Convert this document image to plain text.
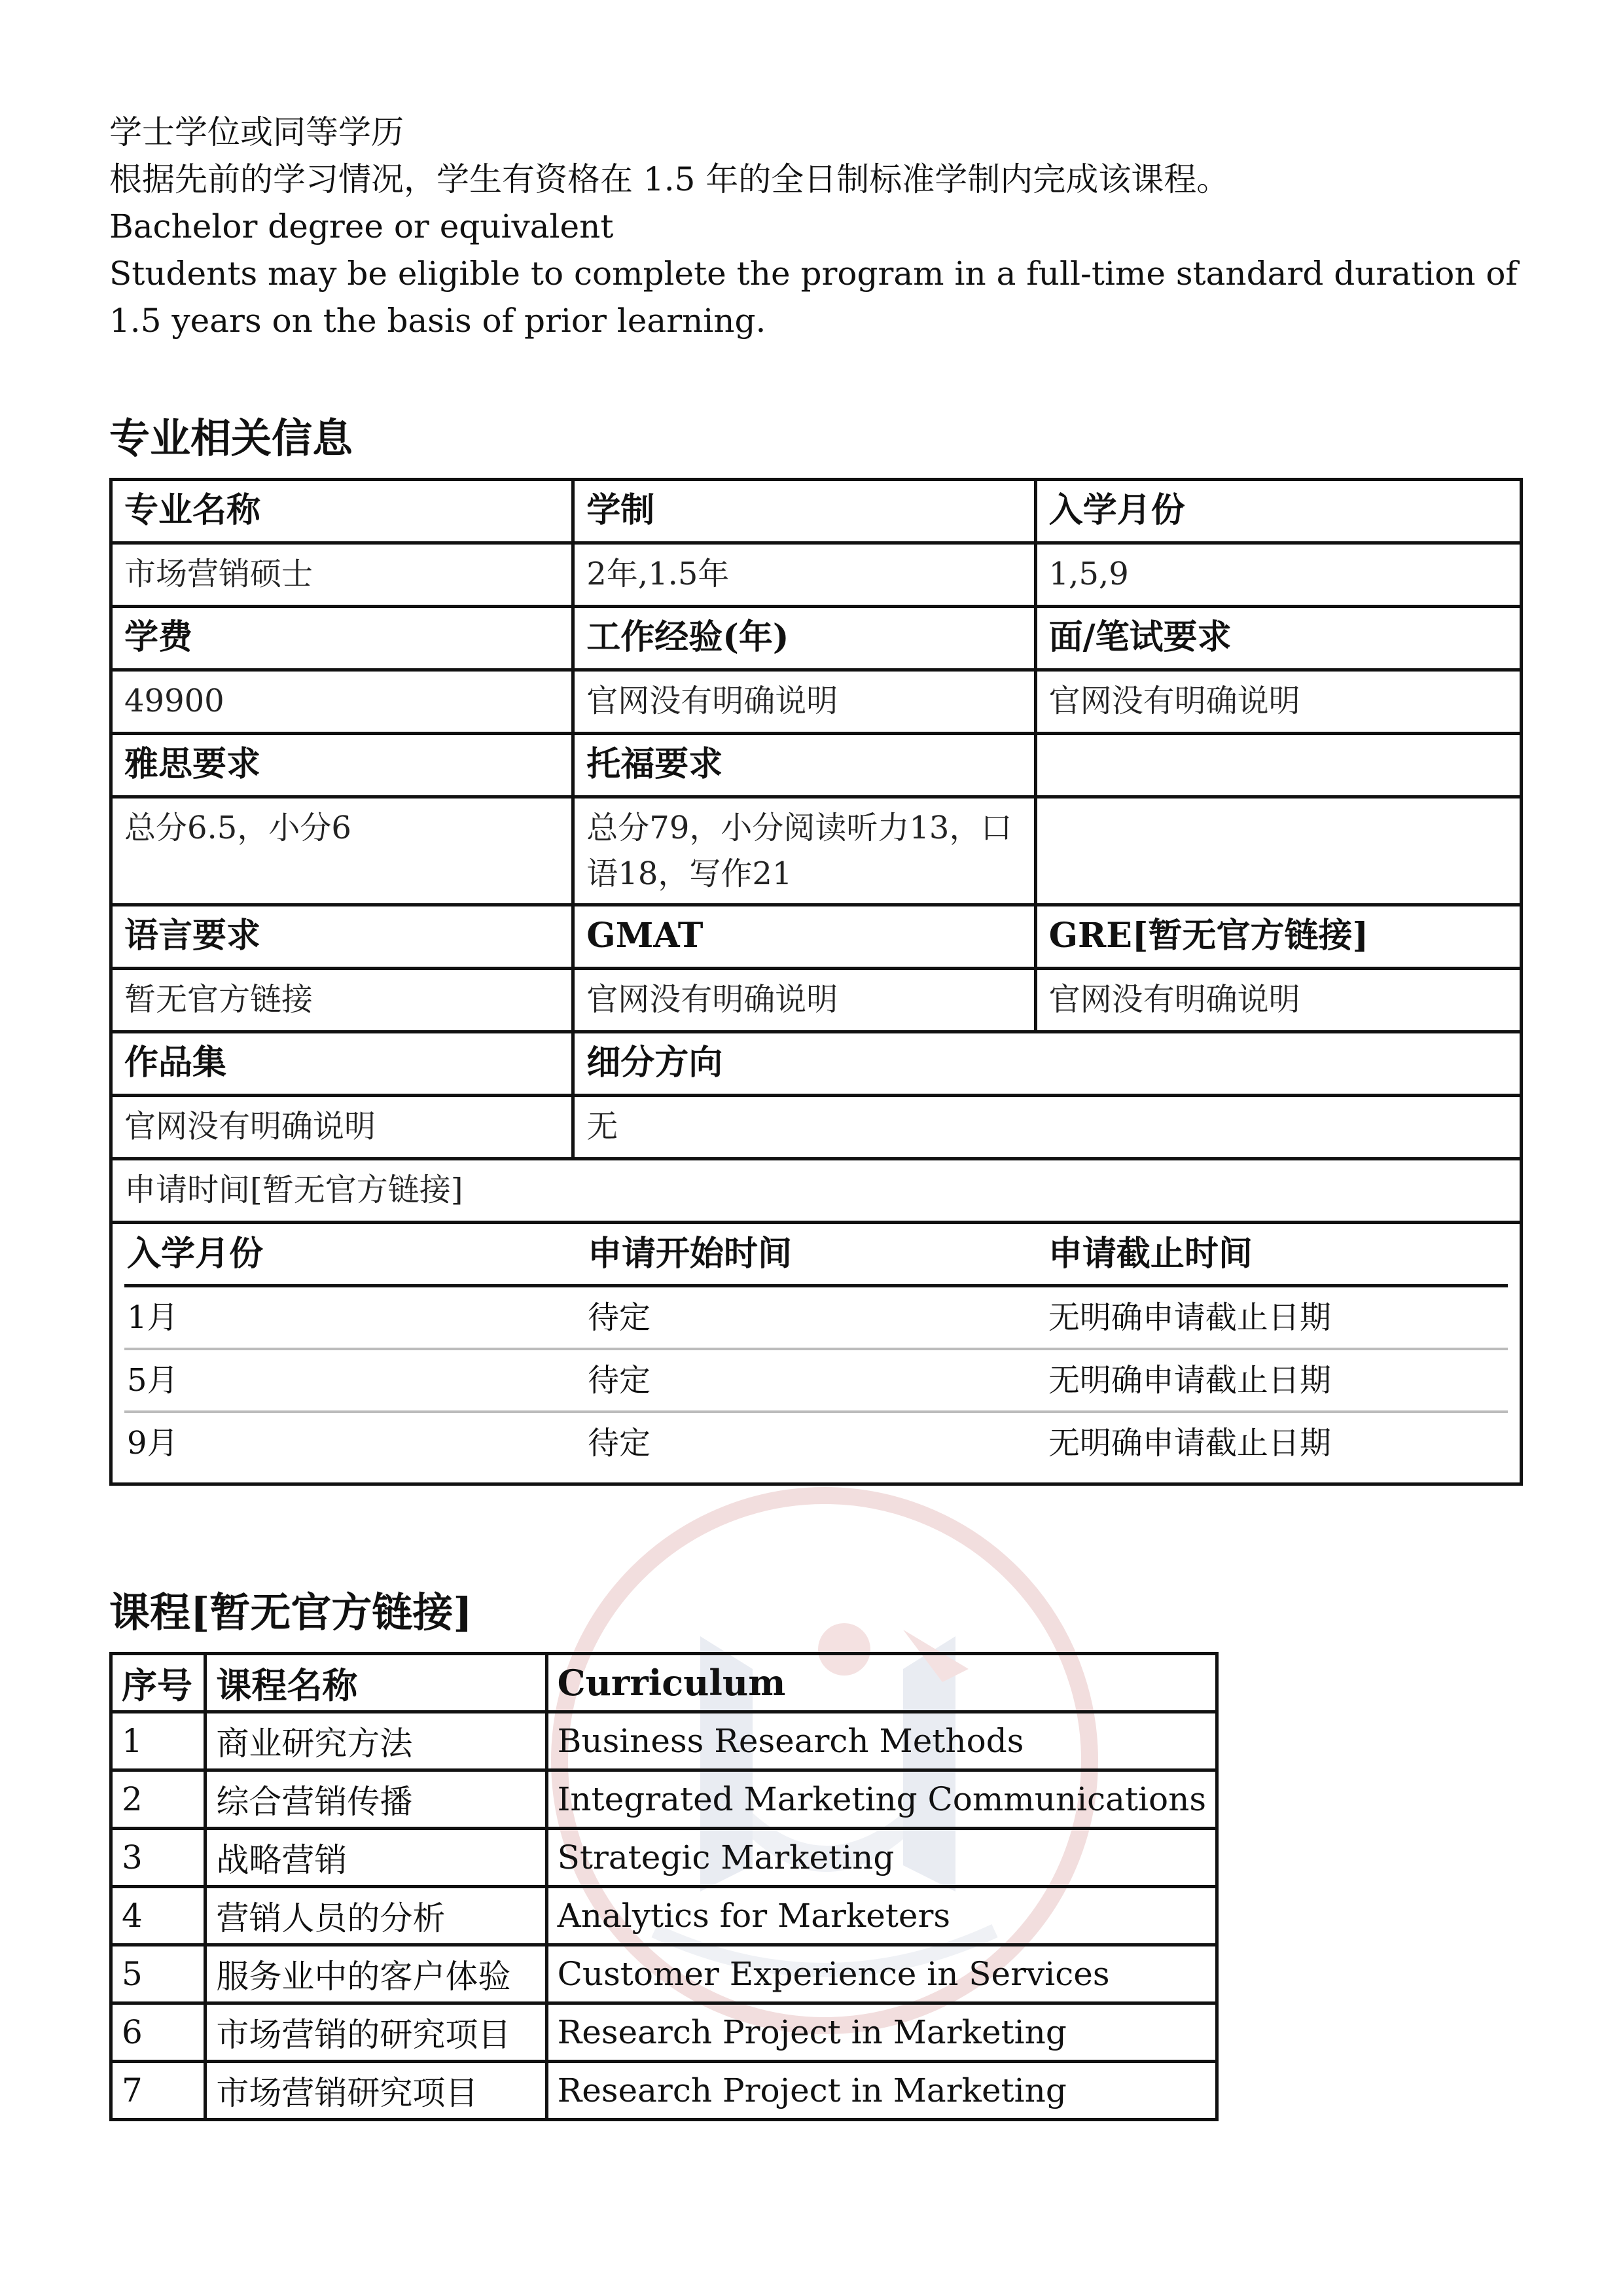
学士学位或同等学历

根据先前的学习情况，学生有资格在 1.5 年的全日制标准学制内完成该课程。

Bachelor degree or equivalent

Students may be eligible to complete the program in a full-time standard duration of 1.5 years on the basis of prior learning.

专业相关信息
专业名称	学制	入学月份
市场营销硕士	2年,1.5年	1,5,9
学费	工作经验(年)	面/笔试要求
49900	官网没有明确说明	官网没有明确说明
雅思要求	托福要求	
总分6.5，小分6	总分79，小分阅读听力13，口语18，写作21	
语言要求	GMAT	GRE[暂无官方链接]
暂无官方链接	官网没有明确说明	官网没有明确说明
作品集	细分方向
官网没有明确说明	无
申请时间[暂无官方链接]

入学月份	申请开始时间	申请截止时间
1月	待定	无明确申请截止日期
5月	待定	无明确申请截止日期
9月	待定	无明确申请截止日期
课程[暂无官方链接]
序号	课程名称	Curriculum
1	商业研究方法	Business Research Methods
2	综合营销传播	Integrated Marketing Communications
3	战略营销	Strategic Marketing
4	营销人员的分析	Analytics for Marketers
5	服务业中的客户体验	Customer Experience in Services
6	市场营销的研究项目	Research Project in Marketing
7	市场营销研究项目	Research Project in Marketing
